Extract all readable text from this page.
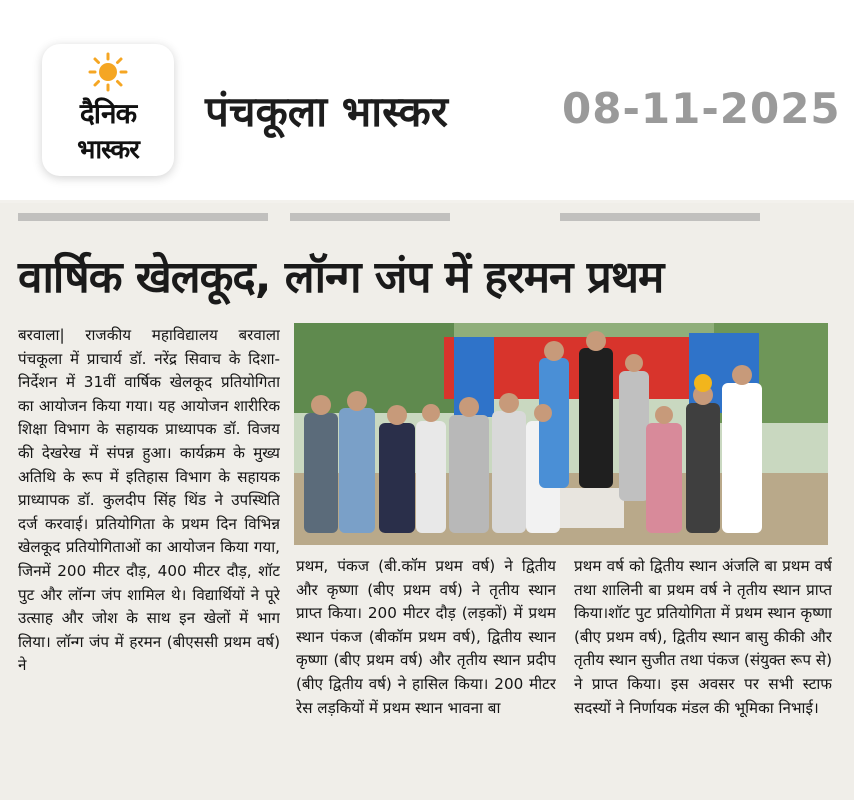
दैनिक
भास्कर
पंचकूला भास्कर	08-11-2025
वार्षिक खेलकूद, लॉन्ग जंप में हरमन प्रथम
बरवाला| राजकीय महाविद्यालय बरवाला पंचकूला में प्राचार्य डॉ. नरेंद्र सिवाच के दिशा-निर्देशन में 31वीं वार्षिक खेलकूद प्रतियोगिता का आयोजन किया गया। यह आयोजन शारीरिक शिक्षा विभाग के सहायक प्राध्यापक डॉ. विजय की देखरेख में संपन्न हुआ। कार्यक्रम के मुख्य अतिथि के रूप में इतिहास विभाग के सहायक प्राध्यापक डॉ. कुलदीप सिंह थिंड ने उपस्थिति दर्ज करवाई। प्रतियोगिता के प्रथम दिन विभिन्न खेलकूद प्रतियोगिताओं का आयोजन किया गया, जिनमें 200 मीटर दौड़, 400 मीटर दौड़, शॉट पुट और लॉन्ग जंप शामिल थे। विद्यार्थियों ने पूरे उत्साह और जोश के साथ इन खेलों में भाग लिया। लॉन्ग जंप में हरमन (बीएससी प्रथम वर्ष) ने
प्रथम, पंकज (बी.कॉम प्रथम वर्ष) ने द्वितीय और कृष्णा (बीए प्रथम वर्ष) ने तृतीय स्थान प्राप्त किया। 200 मीटर दौड़ (लड़कों) में प्रथम स्थान पंकज (बीकॉम प्रथम वर्ष), द्वितीय स्थान कृष्णा (बीए प्रथम वर्ष) और तृतीय स्थान प्रदीप (बीए द्वितीय वर्ष) ने हासिल किया। 200 मीटर रेस लड़कियों में प्रथम स्थान भावना बा
प्रथम वर्ष को द्वितीय स्थान अंजलि बा प्रथम वर्ष तथा शालिनी बा प्रथम वर्ष ने तृतीय स्थान प्राप्त किया।शॉट पुट प्रतियोगिता में प्रथम स्थान कृष्णा (बीए प्रथम वर्ष), द्वितीय स्थान बासु कीकी और तृतीय स्थान सुजीत तथा पंकज (संयुक्त रूप से) ने प्राप्त किया। इस अवसर पर सभी स्टाफ सदस्यों ने निर्णायक मंडल की भूमिका निभाई।
